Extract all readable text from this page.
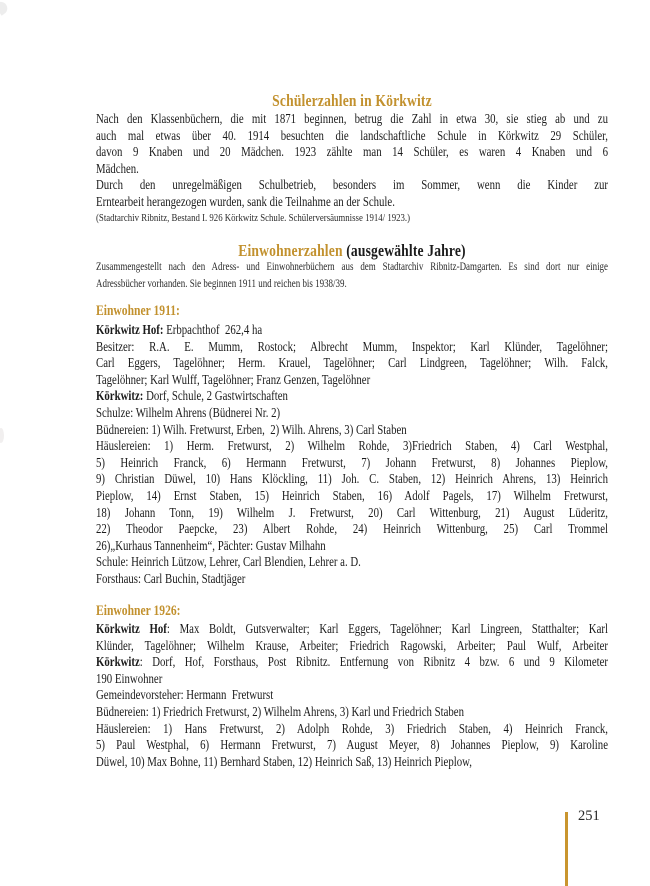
Schülerzahlen in Körkwitz
Nach den Klassenbüchern, die mit 1871 beginnen, betrug die Zahl in etwa 30, sie stieg ab und zu
auch mal etwas über 40. 1914 besuchten die landschaftliche Schule in Körkwitz 29 Schüler,
davon 9 Knaben und 20 Mädchen. 1923 zählte man 14 Schüler, es waren 4 Knaben und 6
Mädchen.
Durch den unregelmäßigen Schulbetrieb, besonders im Sommer, wenn die Kinder zur
Erntearbeit herangezogen wurden, sank die Teilnahme an der Schule.
(Stadtarchiv Ribnitz, Bestand I. 926 Körkwitz Schule. Schülerversäumnisse 1914/ 1923.)
Einwohnerzahlen (ausgewählte Jahre)
Zusammengestellt nach den Adress- und Einwohnerbüchern aus dem Stadtarchiv Ribnitz-Damgarten. Es sind dort nur einige
Adressbücher vorhanden. Sie beginnen 1911 und reichen bis 1938/39.
Einwohner 1911:
Körkwitz Hof: Erbpachthof  262,4 ha
Besitzer: R.A. E. Mumm, Rostock; Albrecht Mumm, Inspektor; Karl Klünder, Tagelöhner;
Carl Eggers, Tagelöhner; Herm. Krauel, Tagelöhner; Carl Lindgreen, Tagelöhner; Wilh. Falck,
Tagelöhner; Karl Wulff, Tagelöhner; Franz Genzen, Tagelöhner
Körkwitz: Dorf, Schule, 2 Gastwirtschaften
Schulze: Wilhelm Ahrens (Büdnerei Nr. 2)
Büdnereien: 1) Wilh. Fretwurst, Erben,  2) Wilh. Ahrens, 3) Carl Staben
Häuslereien: 1) Herm. Fretwurst, 2) Wilhelm Rohde, 3)Friedrich Staben, 4) Carl Westphal,
5) Heinrich Franck, 6) Hermann Fretwurst, 7) Johann Fretwurst, 8) Johannes Pieplow,
9) Christian Düwel, 10) Hans Klöckling, 11) Joh. C. Staben, 12) Heinrich Ahrens, 13) Heinrich
Pieplow, 14) Ernst Staben, 15) Heinrich Staben, 16) Adolf Pagels, 17) Wilhelm Fretwurst,
18) Johann Tonn, 19) Wilhelm J. Fretwurst, 20) Carl Wittenburg, 21) August Lüderitz,
22) Theodor Paepcke, 23) Albert Rohde, 24) Heinrich Wittenburg, 25) Carl Trommel
26)„Kurhaus Tannenheim“, Pächter: Gustav Milhahn
Schule: Heinrich Lützow, Lehrer, Carl Blendien, Lehrer a. D.
Forsthaus: Carl Buchin, Stadtjäger
Einwohner 1926:
Körkwitz Hof: Max Boldt, Gutsverwalter; Karl Eggers, Tagelöhner; Karl Lingreen, Statthalter; Karl
Klünder, Tagelöhner; Wilhelm Krause, Arbeiter; Friedrich Ragowski, Arbeiter; Paul Wulf, Arbeiter
Körkwitz: Dorf, Hof, Forsthaus, Post Ribnitz. Entfernung von Ribnitz 4 bzw. 6 und 9 Kilometer
190 Einwohner
Gemeindevorsteher: Hermann  Fretwurst
Büdnereien: 1) Friedrich Fretwurst, 2) Wilhelm Ahrens, 3) Karl und Friedrich Staben
Häuslereien: 1) Hans Fretwurst, 2) Adolph Rohde, 3) Friedrich Staben, 4) Heinrich Franck,
5) Paul Westphal, 6) Hermann Fretwurst, 7) August Meyer, 8) Johannes Pieplow, 9) Karoline
Düwel, 10) Max Bohne, 11) Bernhard Staben, 12) Heinrich Saß, 13) Heinrich Pieplow,
251
